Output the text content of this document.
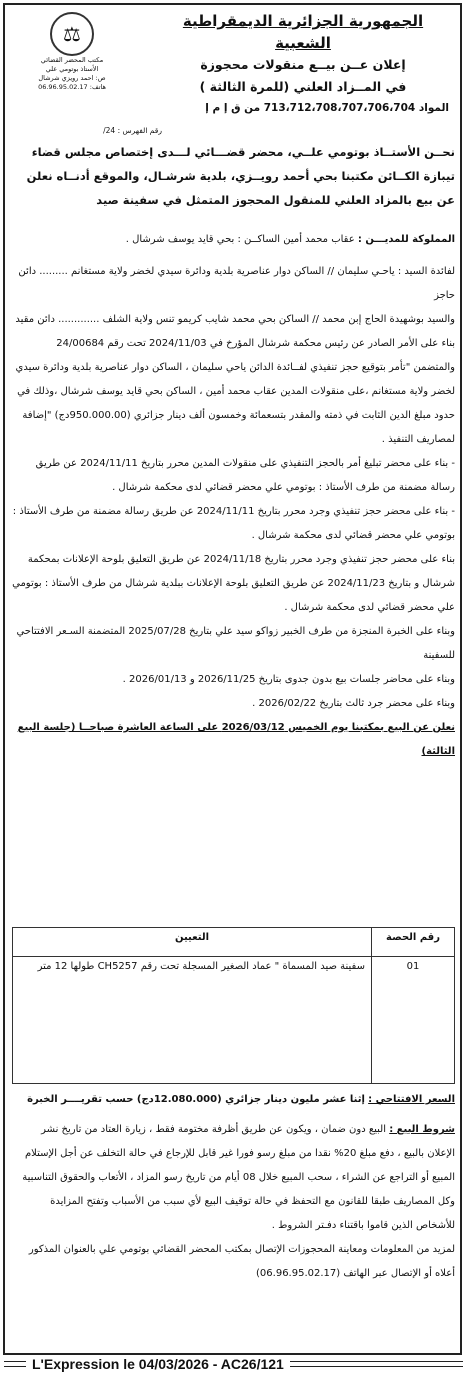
الجمهورية الجزائرية الديمقراطية الشعبية
إعلان عــن بيــع منقولات محجوزة
في المــزاد العلني (للمرة الثالثة )
المواد 713،712،708،707،706،704 من ق إ م إ
⚖
مكتب المحضر القضائي
الأستاذ بوتومي علي
ص: احمد رويزي شرشال
هاتف: 06.96.95.02.17
رقم الفهرس : 24/
نحــن الأستــاذ بوتومي علــي، محضر قضـــائي لـــدى إختصاص مجلس قضاء تيبازة الكــائن مكتبنا بحي أحمد رويــزي، بلدية شرشـال، والموقع أدنــاه نعلن عن بيع بالمزاد العلني للمنقول المحجوز المتمثل في سفينة صيد

المملوكة للمديـــن : عقاب محمد أمين الساكــن : بحي قايد يوسف شرشال .

لفائدة السيد : ياحـي سليمان // الساكن دوار عناصرية بلدية ودائرة سيدي لخضر ولاية مستغانم ......... دائن حاجز

والسيد بوشهيدة الحاج إبن محمد // الساكن بحي محمد شايب كريمو تنس ولاية الشلف ............. دائن مقيد

بناء على الأمر الصادر عن رئيس محكمة شرشال المؤرخ في 2024/11/03 تحت رقم 24/00684 والمتضمن "تأمر بتوقيع حجز تنفيذي لفــائدة الدائن ياحي سليمان ، الساكن دوار عناصرية بلدية ودائرة سيدي لخضر ولاية مستغانم ،على منقولات المدين عقاب محمد أمين ، الساكن بحي قايد يوسف شرشال ،وذلك في حدود مبلغ الدين الثابت في ذمته والمقدر بتسعمائة وخمسون ألف دينار جزائري (950.000.00دج) "إضافة لمصاريف التنفيذ .

- بناء على محضر تبليغ أمر بالحجز التنفيذي على منقولات المدين محرر بتاريخ 2024/11/11 عن طريق رسالة مضمنة من طرف الأستاذ : بوتومي علي محضر قضائي لدى محكمة شرشال .

- بناء على محضر حجز تنفيذي وجرد محرر بتاريخ 2024/11/11 عن طريق رسالة مضمنة من طرف الأستاذ : بوتومي علي محضر قضائي لدى محكمة شرشال .

بناء على محضر حجز تنفيذي وجرد محرر بتاريخ 2024/11/18 عن طريق التعليق بلوحة الإعلانات بمحكمة شرشال و بتاريخ 2024/11/23 عن طريق التعليق بلوحة الإعلانات ببلدية شرشال من طرف الأستاذ : بوتومي علي محضر قضائي لدى محكمة شرشال .

وبناء على الخبرة المنجزة من طرف الخبير زواكو سيد علي بتاريخ 2025/07/28 المتضمنة السـعر الافتتاحي للسفينة

وبناء على محاضر جلسات بيع بدون جدوى بتاريخ 2026/11/25 و 2026/01/13 .

وبناء على محضر جرد ثالث بتاريخ 2026/02/22 .

نعلن عن البيع بمكتبنا يوم الخميس 2026/03/12 على الساعة العاشرة صباحــا (جلسة البيع الثالثة)

رقم الحصة	التعيين
01	سفينة صيد المسماة " عماد الصغير المسجلة تحت رقم CH5257 طولها 12 متر

السعر الافتتاحي : إثنا عشر مليون دينار جزائري (12.080.000دج) حسب تقريــــر الخبرة

شروط البيع : البيع دون ضمان ، ويكون عن طريق أظرفة مختومة فقط ، زيارة العتاد من تاريخ نشر الإعلان بالبيع ، دفع مبلغ 20% نقدا من مبلغ رسو فورا غير قابل للإرجاع في حالة التخلف عن أجل الإستلام المبيع أو التراجع عن الشراء ، سحب المبيع خلال 08 أيام من تاريخ رسو المزاد ، الأتعاب والحقوق التناسبية وكل المصاريف طبقا للقانون مع التحفظ في حالة توقيف البيع لأي سبب من الأسباب وتفتح المزايدة للأشخاص الذين قاموا باقتناء دفـتر الشروط .

لمزيد من المعلومات ومعاينة المحجوزات الإتصال بمكتب المحضر القضائي بوتومي علي بالعنوان المذكور أعلاه أو الإتصال عبر الهاتف (06.96.95.02.17)

L'Expression le 04/03/2026 - AC26/121
